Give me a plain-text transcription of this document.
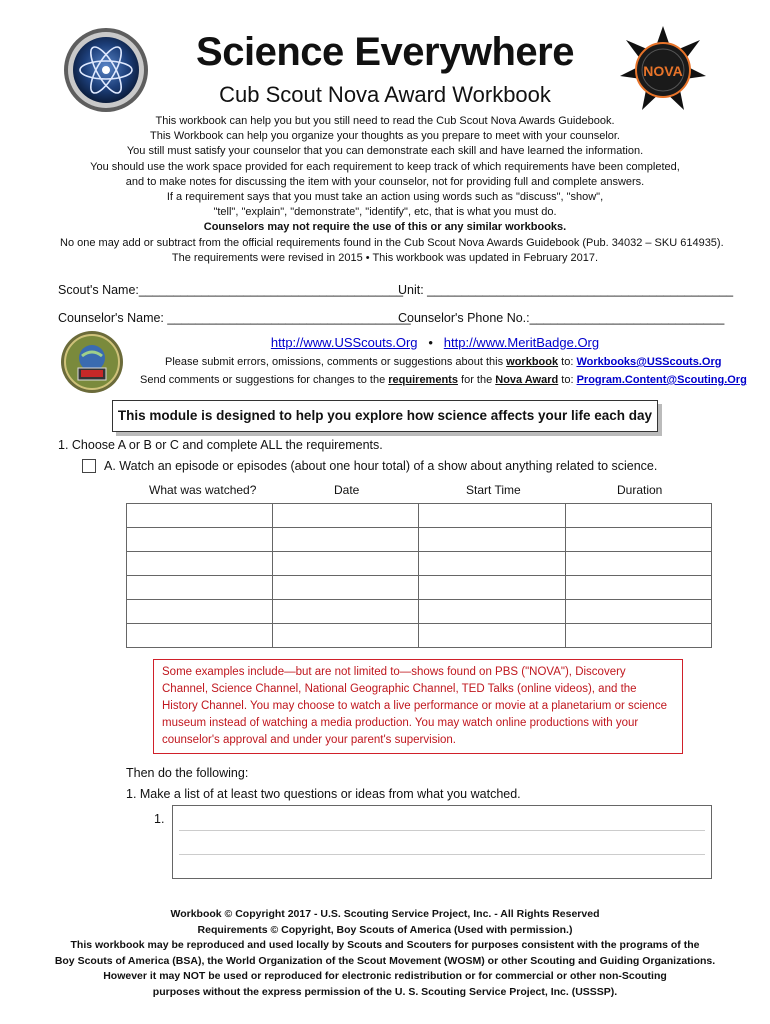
NOVA
Science Everywhere
Cub Scout Nova Award Workbook
This workbook can help you but you still need to read the Cub Scout Nova Awards Guidebook.
This Workbook can help you organize your thoughts as you prepare to meet with your counselor.
You still must satisfy your counselor that you can demonstrate each skill and have learned the information.
You should use the work space provided for each requirement to keep track of which requirements have been completed,
and to make notes for discussing the item with your counselor, not for providing full and complete answers.
If a requirement says that you must take an action using words such as "discuss", "show",
"tell", "explain", "demonstrate", "identify", etc, that is what you must do.
Counselors may not require the use of this or any similar workbooks.
No one may add or subtract from the official requirements found in the Cub Scout Nova Awards Guidebook (Pub. 34032 – SKU 614935).
The requirements were revised in 2015 • This workbook was updated in February 2017.
Scout's Name:______________________________________
Unit: ____________________________________________
Counselor's Name: ___________________________________
Counselor's Phone No.:____________________________
http://www.USScouts.Org • http://www.MeritBadge.Org
Please submit errors, omissions, comments or suggestions about this workbook to: Workbooks@USScouts.Org
Send comments or suggestions for changes to the requirements for the Nova Award to: Program.Content@Scouting.Org
This module is designed to help you explore how science affects your life each day
1. Choose A or B or C and complete ALL the requirements.
A. Watch an episode or episodes (about one hour total) of a show about anything related to science.
What was watched?	Date	Start Time	Duration

Some examples include—but are not limited to—shows found on PBS ("NOVA"), Discovery Channel, Science Channel, National Geographic Channel, TED Talks (online videos), and the History Channel. You may choose to watch a live performance or movie at a planetarium or science museum instead of watching a media production. You may watch online productions with your counselor's approval and under your parent's supervision.
Then do the following:
1. Make a list of at least two questions or ideas from what you watched.
1.
Workbook © Copyright 2017 - U.S. Scouting Service Project, Inc. - All Rights Reserved
Requirements © Copyright, Boy Scouts of America (Used with permission.)
This workbook may be reproduced and used locally by Scouts and Scouters for purposes consistent with the programs of the
Boy Scouts of America (BSA), the World Organization of the Scout Movement (WOSM) or other Scouting and Guiding Organizations.
However it may NOT be used or reproduced for electronic redistribution or for commercial or other non-Scouting
purposes without the express permission of the U. S. Scouting Service Project, Inc. (USSSP).
